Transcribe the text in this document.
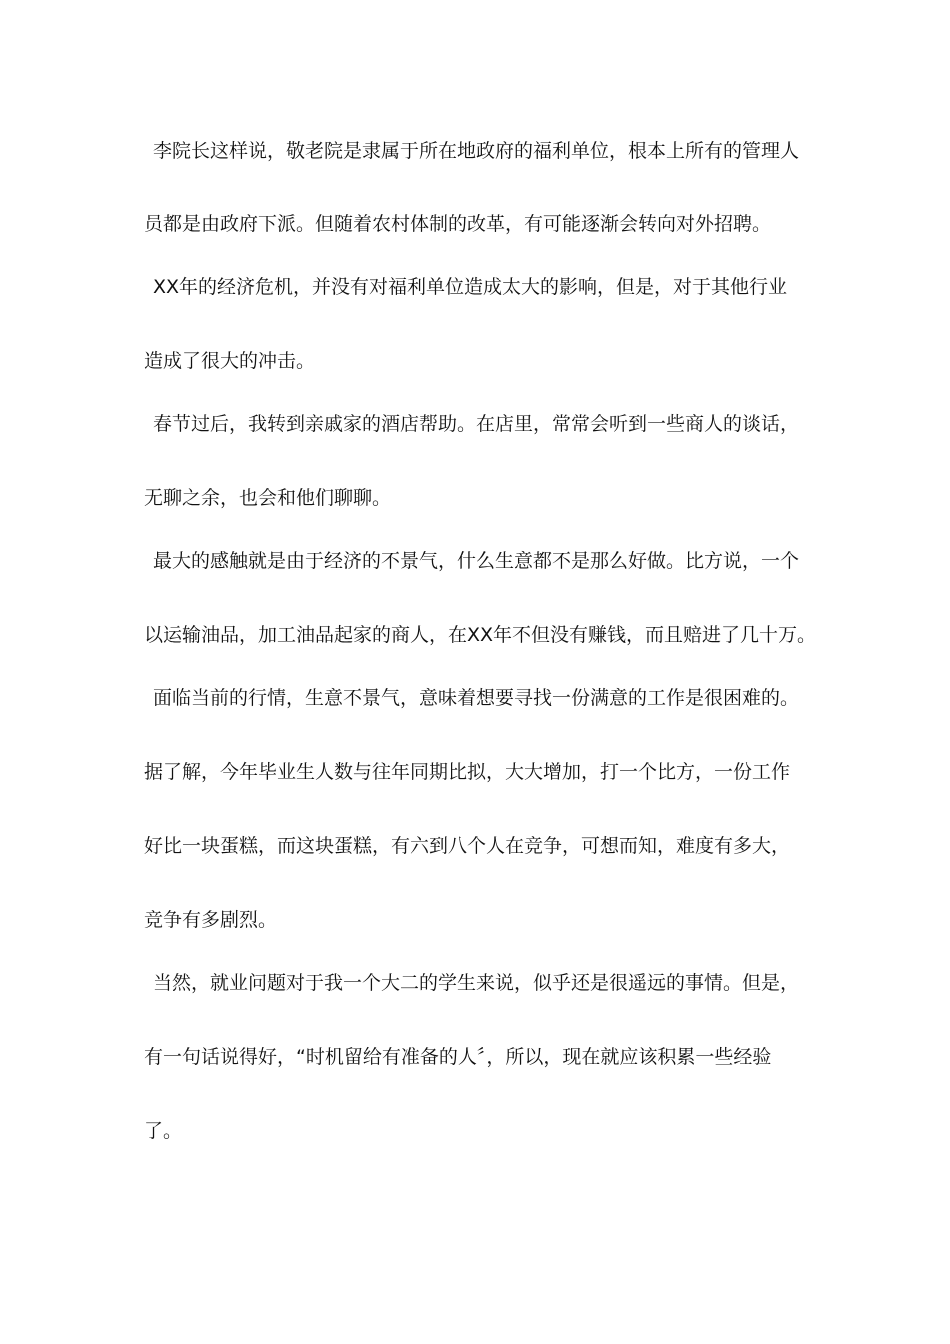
李院长这样说，敬老院是隶属于所在地政府的福利单位，根本上所有的管理人
员都是由政府下派。但随着农村体制的改革，有可能逐渐会转向对外招聘。
XX年的经济危机，并没有对福利单位造成太大的影响，但是，对于其他行业
造成了很大的冲击。
春节过后，我转到亲戚家的酒店帮助。在店里，常常会听到一些商人的谈话，
无聊之余，也会和他们聊聊。
最大的感触就是由于经济的不景气，什么生意都不是那么好做。比方说，一个
以运输油品，加工油品起家的商人，在XX年不但没有赚钱，而且赔进了几十万。
面临当前的行情，生意不景气，意味着想要寻找一份满意的工作是很困难的。
据了解，今年毕业生人数与往年同期比拟，大大增加，打一个比方，一份工作
好比一块蛋糕，而这块蛋糕，有六到八个人在竞争，可想而知，难度有多大，
竞争有多剧烈。
当然，就业问题对于我一个大二的学生来说，似乎还是很遥远的事情。但是，
有一句话说得好，“时机留给有准备的人〞，所以，现在就应该积累一些经验
了。
